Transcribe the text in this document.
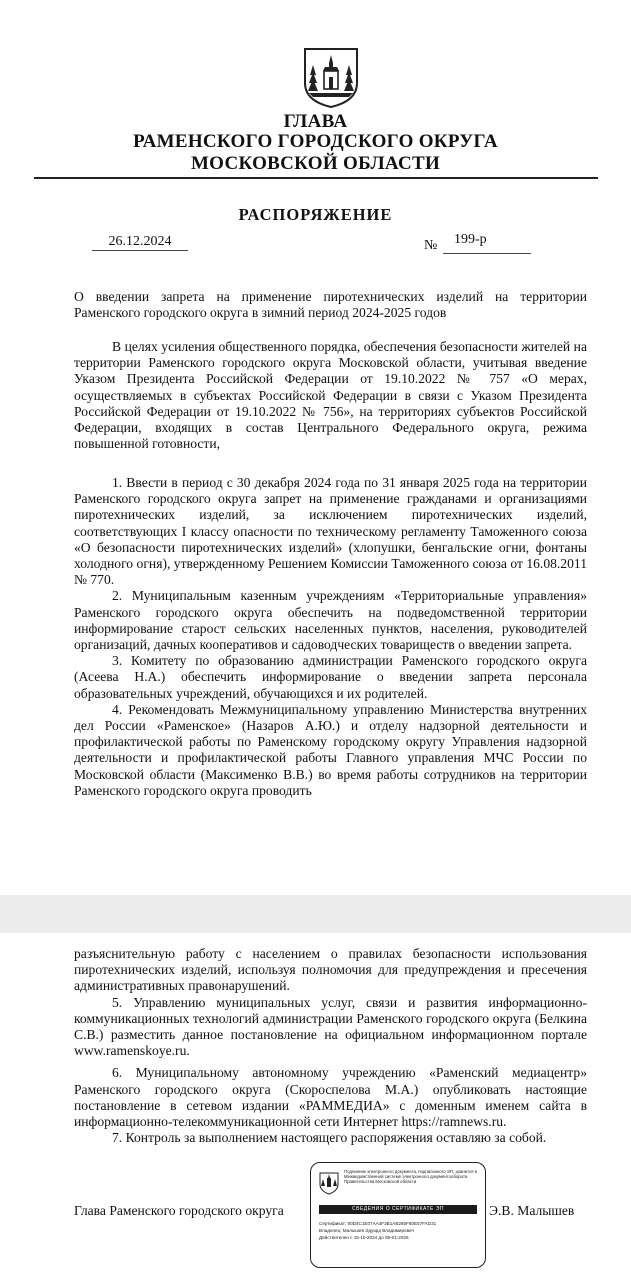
ГЛАВА
РАМЕНСКОГО ГОРОДСКОГО ОКРУГА
МОСКОВСКОЙ ОБЛАСТИ
РАСПОРЯЖЕНИЕ
26.12.2024	№ 199-р

О введении запрета на применение пиротехнических изделий на территории Раменского городского округа в зимний период 2024-2025 годов

В целях усиления общественного порядка, обеспечения безопасности жителей на территории Раменского городского округа Московской области, учитывая введение Указом Президента Российской Федерации от 19.10.2022 № 757 «О мерах, осуществляемых в субъектах Российской Федерации в связи с Указом Президента Российской Федерации от 19.10.2022 № 756», на территориях субъектов Российской Федерации, входящих в состав Центрального Федерального округа, режима повышенной готовности,

1. Ввести в период с 30 декабря 2024 года по 31 января 2025 года на территории Раменского городского округа запрет на применение гражданами и организациями пиротехнических изделий, за исключением пиротехнических изделий, соответствующих I классу опасности по техническому регламенту Таможенного союза «О безопасности пиротехнических изделий» (хлопушки, бенгальские огни, фонтаны холодного огня), утвержденному Решением Комиссии Таможенного союза от 16.08.2011 № 770.

2. Муниципальным казенным учреждениям «Территориальные управления» Раменского городского округа обеспечить на подведомственной территории информирование старост сельских населенных пунктов, населения, руководителей организаций, дачных кооперативов и садоводческих товариществ о введении запрета.

3. Комитету по образованию администрации Раменского городского округа (Асеева Н.А.) обеспечить информирование о введении запрета персонала образовательных учреждений, обучающихся и их родителей.

4. Рекомендовать Межмуниципальному управлению Министерства внутренних дел России «Раменское» (Назаров А.Ю.) и отделу надзорной деятельности и профилактической работы по Раменскому городскому округу Управления надзорной деятельности и профилактической работы Главного управления МЧС России по Московской области (Максименко В.В.) во время работы сотрудников на территории Раменского городского округа проводить

разъяснительную работу с населением о правилах безопасности использования пиротехнических изделий, используя полномочия для предупреждения и пресечения административных правонарушений.

5. Управлению муниципальных услуг, связи и развития информационно-коммуникационных технологий администрации Раменского городского округа (Белкина С.В.) разместить данное постановление на официальном информационном портале www.ramenskoye.ru.

6. Муниципальному автономному учреждению «Раменский медиацентр» Раменского городского округа (Скороспелова М.А.) опубликовать настоящие постановление в сетевом издании «РАММЕДИА» с доменным именем сайта в информационно-телекоммуникационной сети Интернет https://ramnews.ru.

7. Контроль за выполнением настоящего распоряжения оставляю за собой.

Глава Раменского городского округа
Подлинник электронного документа, подписанного ЭП, хранится в Межведомственной системе электронного документооборота Правительства Московской области
СВЕДЕНИЯ О СЕРТИФИКАТЕ ЭП
Сертификат: 00D4C1E07AA4F3B1AB265F60E57FAD31
Владелец: Малышев Эдуард Владимирович
Действителен с 15-10-2024 до 08-01-2026
Э.В. Малышев
